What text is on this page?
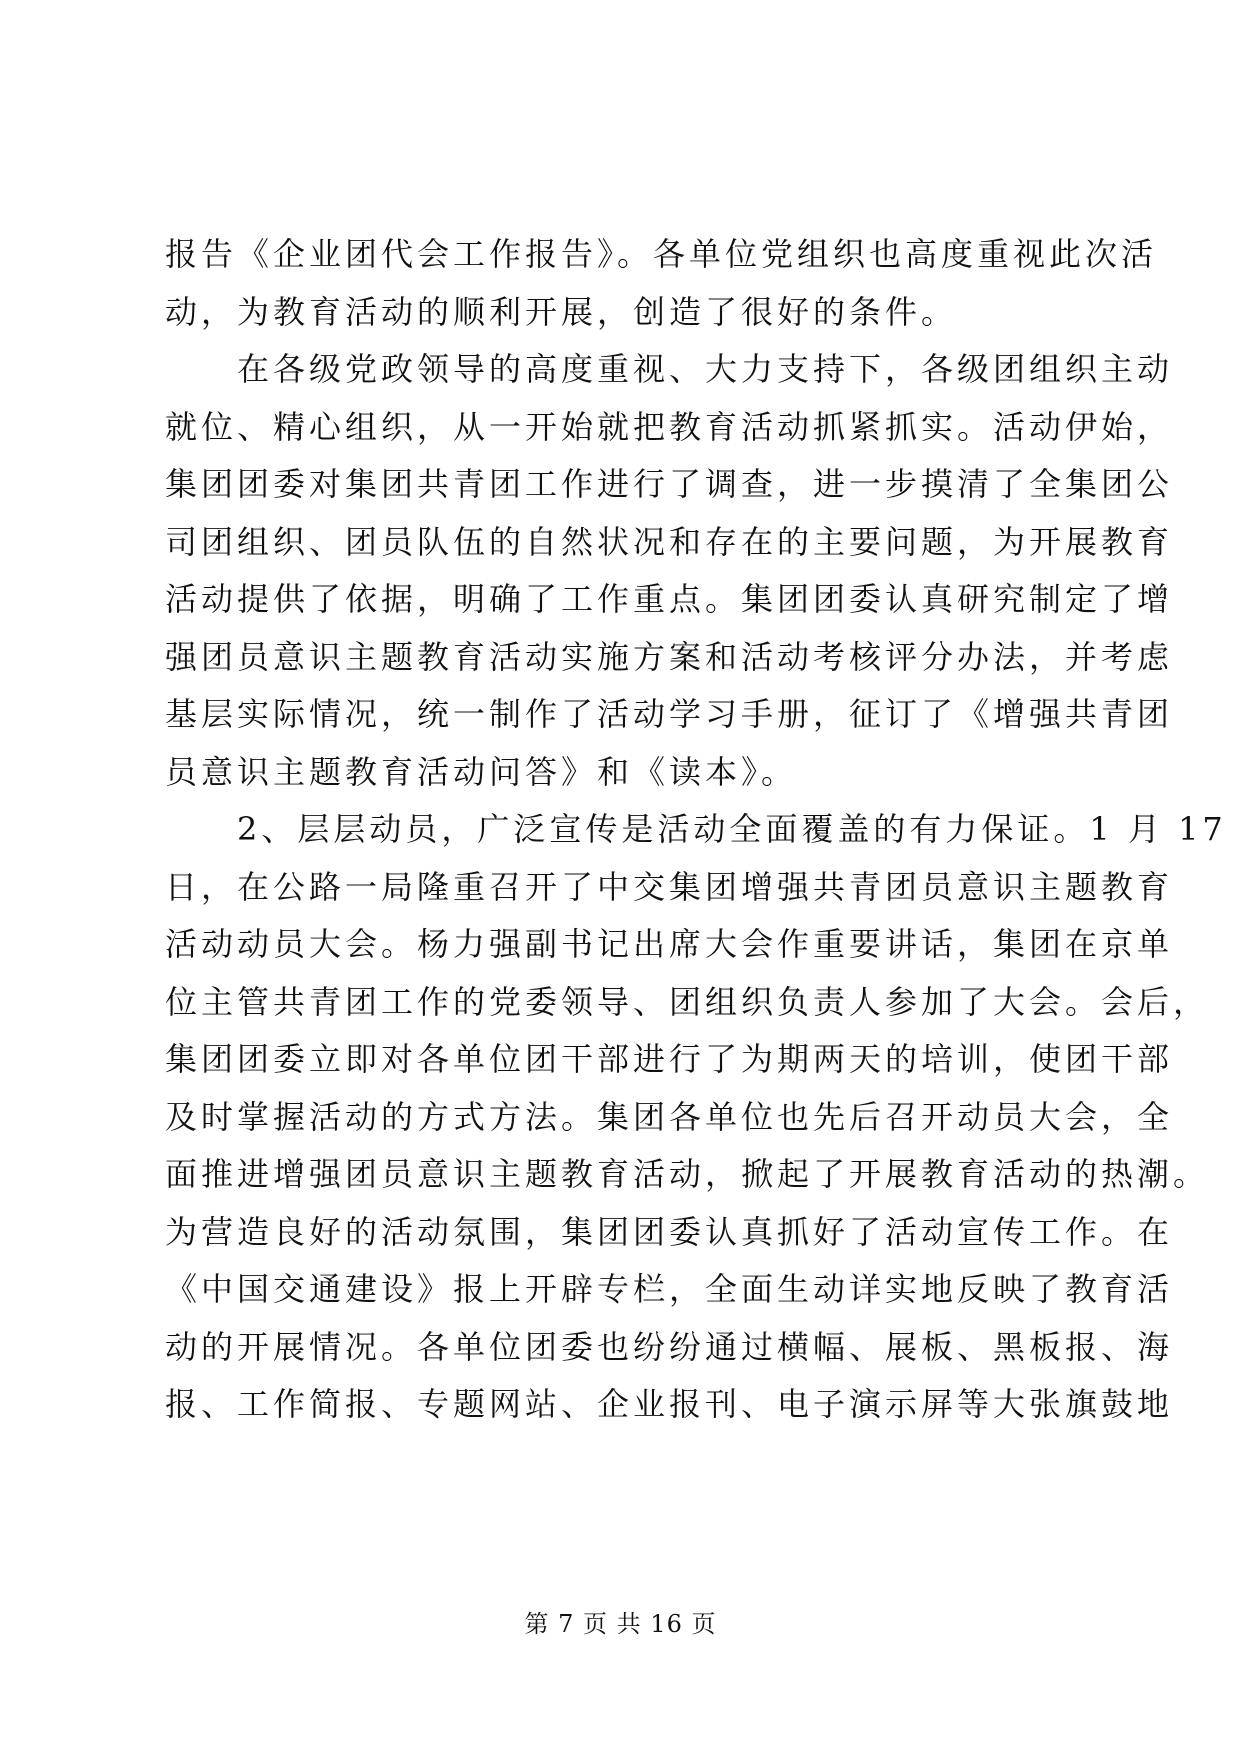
报告《企业团代会工作报告》。各单位党组织也高度重视此次活
动，为教育活动的顺利开展，创造了很好的条件。
在各级党政领导的高度重视、大力支持下，各级团组织主动
就位、精心组织，从一开始就把教育活动抓紧抓实。活动伊始，
集团团委对集团共青团工作进行了调查，进一步摸清了全集团公
司团组织、团员队伍的自然状况和存在的主要问题，为开展教育
活动提供了依据，明确了工作重点。集团团委认真研究制定了增
强团员意识主题教育活动实施方案和活动考核评分办法，并考虑
基层实际情况，统一制作了活动学习手册，征订了《增强共青团
员意识主题教育活动问答》和《读本》。
2、层层动员，广泛宣传是活动全面覆盖的有力保证。1 月 17
日，在公路一局隆重召开了中交集团增强共青团员意识主题教育
活动动员大会。杨力强副书记出席大会作重要讲话，集团在京单
位主管共青团工作的党委领导、团组织负责人参加了大会。会后，
集团团委立即对各单位团干部进行了为期两天的培训，使团干部
及时掌握活动的方式方法。集团各单位也先后召开动员大会，全
面推进增强团员意识主题教育活动，掀起了开展教育活动的热潮。
为营造良好的活动氛围，集团团委认真抓好了活动宣传工作。在
《中国交通建设》报上开辟专栏，全面生动详实地反映了教育活
动的开展情况。各单位团委也纷纷通过横幅、展板、黑板报、海
报、工作简报、专题网站、企业报刊、电子演示屏等大张旗鼓地
第 7 页 共 16 页
